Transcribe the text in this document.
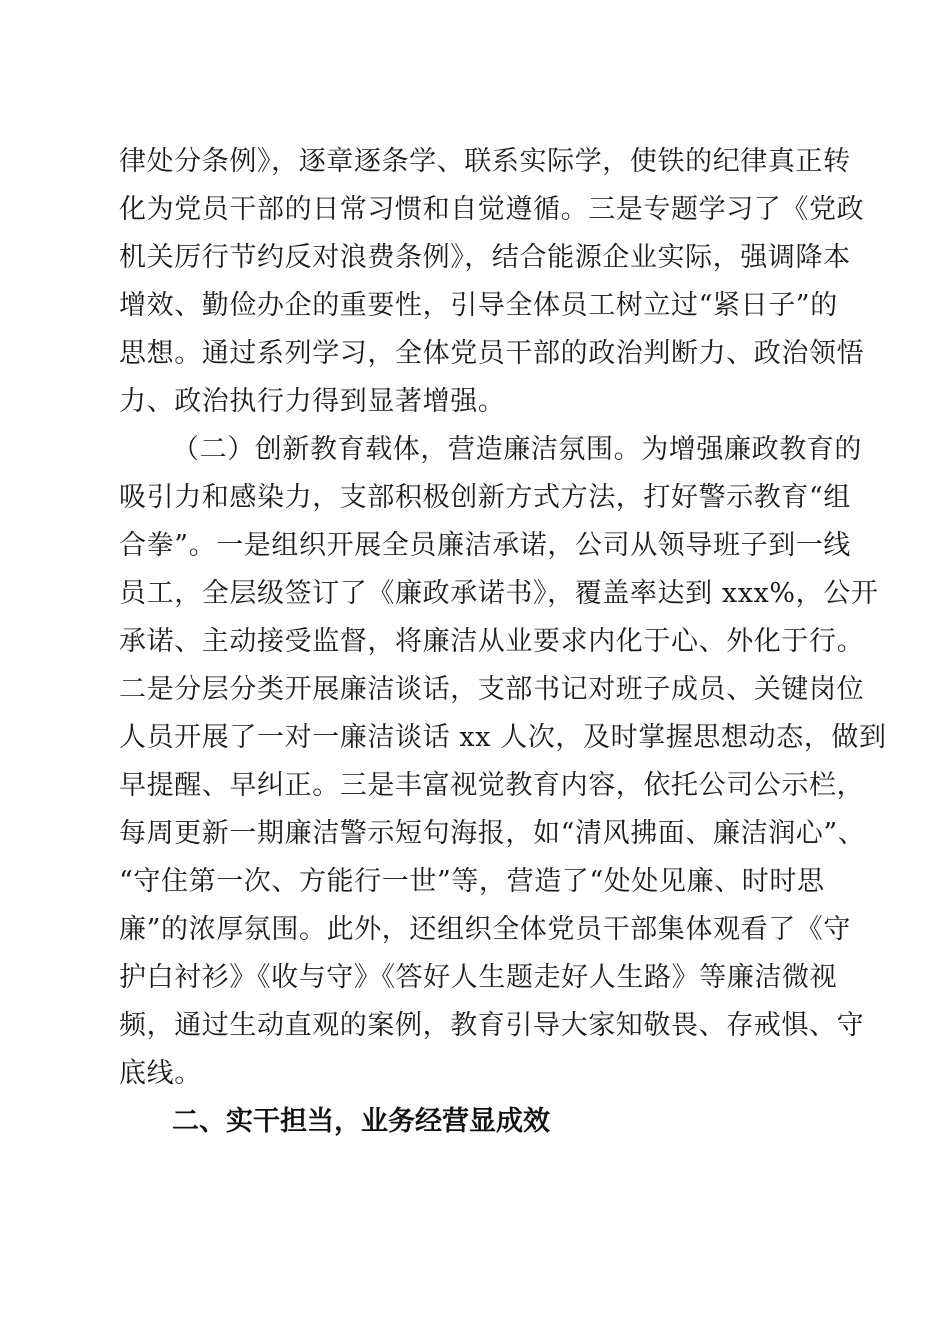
律处分条例》，逐章逐条学、联系实际学，使铁的纪律真正转
化为党员干部的日常习惯和自觉遵循。三是专题学习了《党政
机关厉行节约反对浪费条例》，结合能源企业实际，强调降本
增效、勤俭办企的重要性，引导全体员工树立过“紧日子”的
思想。通过系列学习，全体党员干部的政治判断力、政治领悟
力、政治执行力得到显著增强。
（二）创新教育载体，营造廉洁氛围。为增强廉政教育的
吸引力和感染力，支部积极创新方式方法，打好警示教育“组
合拳”。一是组织开展全员廉洁承诺，公司从领导班子到一线
员工，全层级签订了《廉政承诺书》，覆盖率达到 xxx%，公开
承诺、主动接受监督，将廉洁从业要求内化于心、外化于行。
二是分层分类开展廉洁谈话，支部书记对班子成员、关键岗位
人员开展了一对一廉洁谈话 xx 人次，及时掌握思想动态，做到
早提醒、早纠正。三是丰富视觉教育内容，依托公司公示栏，
每周更新一期廉洁警示短句海报，如“清风拂面、廉洁润心”、
“守住第一次、方能行一世”等，营造了“处处见廉、时时思
廉”的浓厚氛围。此外，还组织全体党员干部集体观看了《守
护白衬衫》《收与守》《答好人生题走好人生路》等廉洁微视
频，通过生动直观的案例，教育引导大家知敬畏、存戒惧、守
底线。
二、实干担当，业务经营显成效
